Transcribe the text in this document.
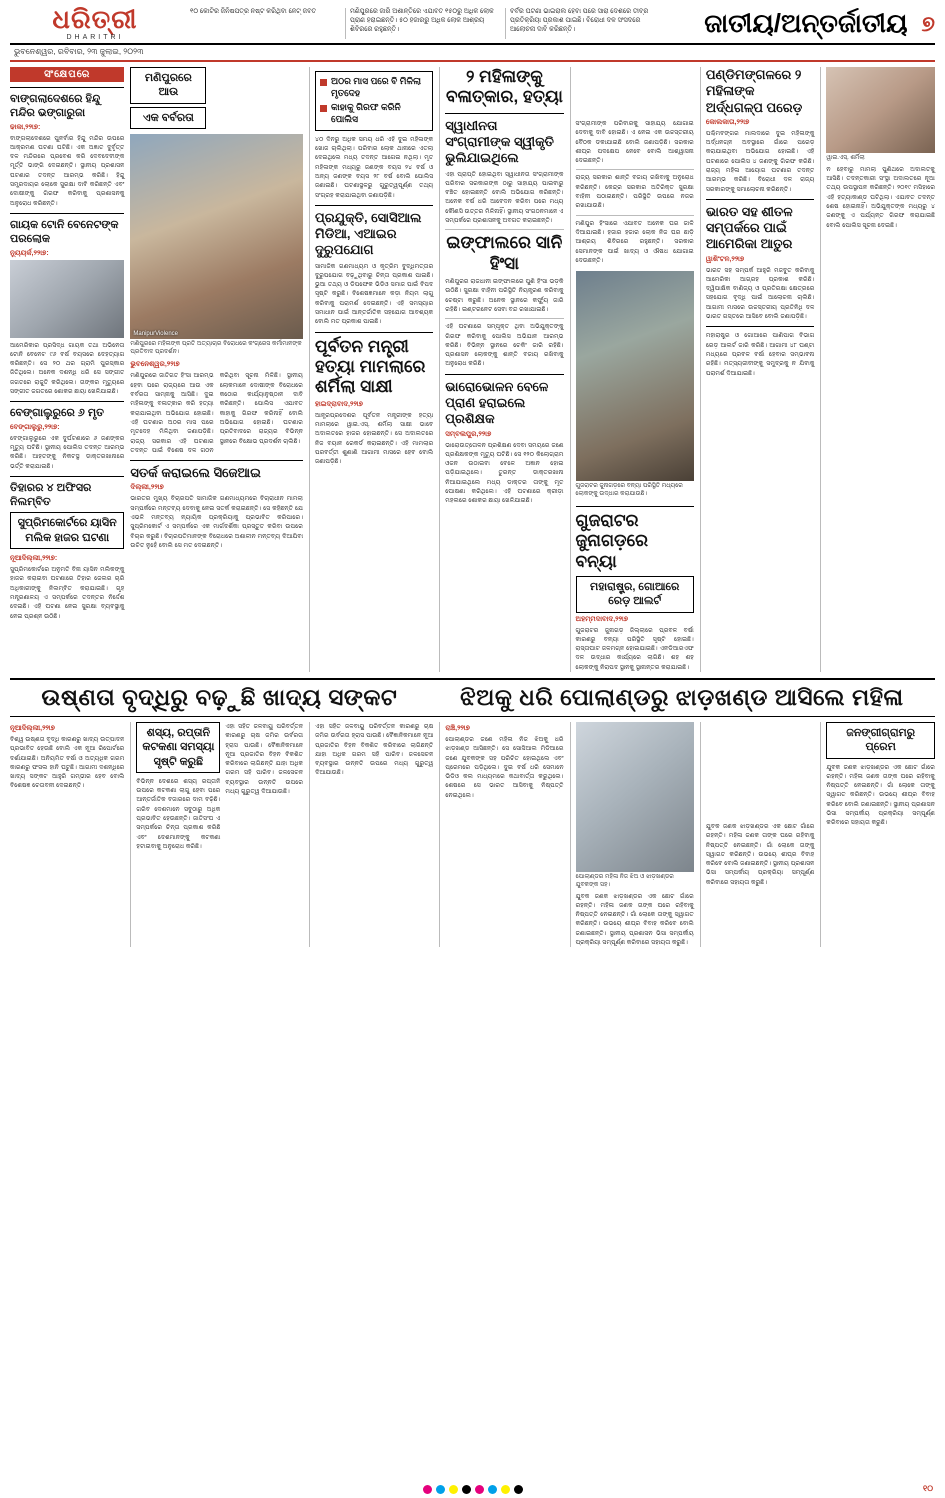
ଧରିତ୍ରୀ
DHARITRI
୧୦ କୋଟିର ଜିନିଷପତ୍ର ନଷ୍ଟ କରିଥିବା ନେଟ୍ ଜବତ	ମଣିପୁରରେ ଜାରି ଅଶାନ୍ତିରେ ଏଯାବତ ୧୫୦ରୁ ଅଧିକ ଲୋକ ପ୍ରାଣ ହରାଇଛନ୍ତି। ୫୦ ହଜାରରୁ ଅଧିକ ଲୋକ ଆଶ୍ରୟ ଶିବିରରେ ରହୁଛନ୍ତି।
ବର୍ବର ଘଟଣା ଭାଇରାଲ ହେବା ପରେ ସାରା ଦେଶରେ ତୀବ୍ର ପ୍ରତିକ୍ରିୟା ପ୍ରକାଶ ପାଇଛି। ବିରୋଧୀ ଦଳ ସଂସଦରେ ଆଲୋଚନା ଦାବି କରିଛନ୍ତି।	ଜାତୀୟ/ଅନ୍ତର୍ଜାତୀୟ ୭
ଭୁବନେଶ୍ୱର, ରବିବାର, ୨୩ ଜୁଲାଇ, ୨୦୨୩
ସଂକ୍ଷେପରେ
ବାଙ୍ଗଲାଦେଶରେ ହିନ୍ଦୁ ମନ୍ଦିର ଭଙ୍ଗାରୁଜା
ଢାକା,୨୨ା୭:
ବାଙ୍ଗଲାଦେଶରେ ପୁନର୍ବାର ହିନ୍ଦୁ ମନ୍ଦିର ଉପରେ ଆକ୍ରମଣ ଘଟଣା ଘଟିଛି। ଏକ ଅଜ୍ଞାତ ଦୁର୍ବୃତ୍ତ ଦଳ ମନ୍ଦିରରେ ପ୍ରବେଶ କରି ଦେବଦେବୀଙ୍କ ମୂର୍ତ୍ତି ଭାଙ୍ଗି ଦେଇଛନ୍ତି। ସ୍ଥାନୀୟ ପ୍ରଶାସନ ଘଟଣାର ତଦନ୍ତ ଆରମ୍ଭ କରିଛି। ହିନ୍ଦୁ ସମ୍ପ୍ରଦାୟର ଲୋକେ ସୁରକ୍ଷା ଦାବି କରିଛନ୍ତି ଏବଂ ଦୋଷୀଙ୍କୁ ଗିରଫ କରିବାକୁ ପ୍ରଶାସନକୁ ଅନୁରୋଧ କରିଛନ୍ତି।
ଗାୟକ ଟୋନି ବେନେଟଙ୍କ ପରଲୋକ
ନ୍ୟୁୟର୍କ,୨୨ା୭:
ଆମେରିକାର ପ୍ରସିଦ୍ଧ ଗାୟକ ତଥା ଅଭିନେତା ଟୋନି ବେନେଟ ୯୬ ବର୍ଷ ବୟସରେ ଦେହତ୍ୟାଗ କରିଛନ୍ତି। ସେ ୨୦ ଥର ଗ୍ରାମି ପୁରସ୍କାର ଜିତିଥିଲେ। ଅନେକ ଦଶନ୍ଧି ଧରି ସେ ସଙ୍ଗୀତ ଜଗତରେ ରାଜୁତି କରିଥିଲେ। ତାଙ୍କର ମୃତ୍ୟୁରେ ସଙ୍ଗୀତ ଜଗତରେ ଶୋକର ଛାୟା ଖେଳିଯାଇଛି।
ବେଙ୍ଗାଲୁରୁରେ ୬ ମୃତ
ବେଙ୍ଗାଲୁରୁ,୨୨ା୭:
ବେଙ୍ଗାଲୁରୁରେ ଏକ ଦୁର୍ଘଟଣାରେ ୬ ଜଣଙ୍କର ମୃତ୍ୟୁ ଘଟିଛି। ସ୍ଥାନୀୟ ପୋଲିସ ତଦନ୍ତ ଆରମ୍ଭ କରିଛି। ଆହତଙ୍କୁ ନିକଟସ୍ଥ ଡାକ୍ତରଖାନାରେ ଭର୍ତ୍ତି କରାଯାଇଛି।
ତିହାରର ୪ ଅଫିସର ନିଲମ୍ବିତ
ସୁପ୍ରିମକୋର୍ଟରେ ୟାସିନ ମଲିକ ହାଜର ଘଟଣା
ନୂଆଦିଲ୍ଲୀ,୨୨ା୭:
ସୁପ୍ରିମକୋର୍ଟରେ ଅନୁମତି ବିନା ୟାସିନ ମଲିକଙ୍କୁ ହାଜର କରାଇବା ଘଟଣାରେ ତିହାର ଜେଲର ଚାରି ଅଧିକାରୀଙ୍କୁ ନିଲମ୍ବିତ କରାଯାଇଛି। ଗୃହ ମନ୍ତ୍ରଣାଳୟ ଏ ସମ୍ପର୍କରେ ତଦନ୍ତର ନିର୍ଦ୍ଦେଶ ଦେଇଛି। ଏହି ଘଟଣା ନେଇ ସୁରକ୍ଷା ବ୍ୟବସ୍ଥାକୁ ନେଇ ପ୍ରଶ୍ନ ଉଠିଛି।
ମଣିପୁରରେ ଆଉ
ଏକ ବର୍ବରତା
ManipurViolence
ମଣିପୁରରେ ମହିଳାଙ୍କ ପ୍ରତି ଅତ୍ୟାଚାର ବିରୋଧରେ କଂଗ୍ରେସ କର୍ମୀମାନଙ୍କ ପ୍ରତିବାଦ ପ୍ରଦର୍ଶନ।
ଭୁବନେଶ୍ୱର,୨୨ା୭
ମଣିପୁରରେ ଜାତିଗତ ହିଂସା ଆରମ୍ଭ ହେବା ପରେ ରାଜ୍ୟରେ ଆଉ ଏକ ବର୍ବରତା ସାମ୍ନାକୁ ଆସିଛି। ଦୁଇ ମହିଳାଙ୍କୁ ବଳାତ୍କାର କରି ହତ୍ୟା କରାଯାଇଥିବା ଅଭିଯୋଗ ହୋଇଛି। ଏହି ଘଟଣାର ଅଠର ମାସ ପରେ ମୃତଦେହ ମିଳିଥିବା ଜଣାପଡ଼ିଛି। ରାଜ୍ୟ ସରକାର ଏହି ଘଟଣାର ତଦନ୍ତ ପାଇଁ ବିଶେଷ ଦଳ ଗଠନ କରିଥିବା ସୂଚନା ମିଳିଛି। ସ୍ଥାନୀୟ ଲୋକମାନେ ଦୋଷୀଙ୍କ ବିରୋଧରେ କଠୋର କାର୍ଯ୍ୟାନୁଷ୍ଠାନ ଦାବି କରିଛନ୍ତି। ପୋଲିସ ଏଯାବତ କାହାକୁ ଗିରଫ କରିନାହିଁ ବୋଲି ଅଭିଯୋଗ ହୋଇଛି। ଘଟଣାର ପ୍ରତିବାଦରେ ରାଜ୍ୟର ବିଭିନ୍ନ ସ୍ଥାନରେ ବିକ୍ଷୋଭ ପ୍ରଦର୍ଶନ ଚାଲିଛି।
ସତର୍କ କରାଇଲେ ସିଜେଆଇ
ଦିଲ୍ଲୀ,୨୨ା୭
ଭାରତର ମୁଖ୍ୟ ବିଚାରପତି ସାମାଜିକ ଗଣମାଧ୍ୟମରେ ବିଚାରାଧୀନ ମାମଲା ସମ୍ପର୍କରେ ମନ୍ତବ୍ୟ ଦେବାକୁ ନେଇ ସତର୍କ କରାଇଛନ୍ତି। ସେ କହିଛନ୍ତି ଯେ ଏଭଳି ମନ୍ତବ୍ୟ ନ୍ୟାୟିକ ପ୍ରକ୍ରିୟାକୁ ପ୍ରଭାବିତ କରିପାରେ। ସୁପ୍ରିମକୋର୍ଟ ଏ ସମ୍ପର୍କରେ ଏକ ମାର୍ଗଦର୍ଶିକା ପ୍ରସ୍ତୁତ କରିବା ଉପରେ ବିଚାର କରୁଛି। ବିଚାରପତିମାନଙ୍କ ବିରୋଧରେ ଅଶାଳୀନ ମନ୍ତବ୍ୟ ଦିଆଯିବା ଉଚିତ ନୁହେଁ ବୋଲି ସେ ମତ ଦେଇଛନ୍ତି।
ଅଠର ମାସ ପରେ ବି ମିଳିଲା ମୃତଦେହ
କାହାକୁ ଗିରଫ କରିନି ପୋଲିସ
୪୦ ଦିନରୁ ଅଧିକ ସମୟ ଧରି ଏହି ଦୁଇ ମହିଳାଙ୍କ ଖୋଜ ଚାଲିଥିଲା। ପରିବାର ଲୋକ ଥାନାରେ ଏତଲା ଦେଇଥିଲେ ମଧ୍ୟ ତଦନ୍ତ ଆଗେଇ ନଥିଲା। ମୃତ ମହିଳାଙ୍କ ମଧ୍ୟରୁ ଜଣଙ୍କ ବୟସ ୨୪ ବର୍ଷ ଓ ଅନ୍ୟ ଜଣଙ୍କ ବୟସ ୨୮ ବର୍ଷ ବୋଲି ପୋଲିସ ଜଣାଇଛି। ଘଟଣାସ୍ଥଳରୁ ଗୁରୁତ୍ୱପୂର୍ଣ୍ଣ ତଥ୍ୟ ସଂଗ୍ରହ କରାଯାଇଥିବା ଜଣାପଡ଼ିଛି।
ପ୍ରଯୁକ୍ତି, ସୋସିଆଲ ମିଡିଆ, ଏଆଇର ଦୁରୁପଯୋଗ
ସାମାଜିକ ଗଣମାଧ୍ୟମ ଓ କୃତ୍ରିମ ବୁଦ୍ଧିମତ୍ତାର ଦୁରୁପଯୋଗ ବଢ଼ୁଥିବାରୁ ଚିନ୍ତା ପ୍ରକାଶ ପାଇଛି। ଭୁଆ ତଥ୍ୟ ଓ ଡିପଫେକ ଭିଡିଓ ସମାଜ ପାଇଁ ବିପଦ ସୃଷ୍ଟି କରୁଛି। ବିଶେଷଜ୍ଞମାନେ କଡ଼ା ନିୟମ ଲାଗୁ କରିବାକୁ ପରାମର୍ଶ ଦେଇଛନ୍ତି। ଏହି ସମସ୍ୟାର ସମାଧାନ ପାଇଁ ଆନ୍ତର୍ଜାତିକ ସହଯୋଗ ଆବଶ୍ୟକ ବୋଲି ମତ ପ୍ରକାଶ ପାଇଛି।
ପୂର୍ବତନ ମନ୍ତ୍ରୀ ହତ୍ୟା ମାମଲାରେ ଶର୍ମିଲା ସାକ୍ଷୀ
ହାଇଦ୍ରାବାଦ,୨୨ା୭
ଆନ୍ଧ୍ରପ୍ରଦେଶର ପୂର୍ବତନ ମନ୍ତ୍ରୀଙ୍କ ହତ୍ୟା ମାମଲାରେ ୱାଇ.ଏସ୍. ଶର୍ମିଲା ସାକ୍ଷୀ ଭାବେ ଅଦାଲତରେ ହାଜର ହୋଇଛନ୍ତି। ସେ ଅଦାଲତରେ ନିଜ ବୟାନ ରେକର୍ଡ କରାଇଛନ୍ତି। ଏହି ମାମଲାର ପରବର୍ତ୍ତୀ ଶୁଣାଣି ଆଗାମୀ ମାସରେ ହେବ ବୋଲି ଜଣାପଡ଼ିଛି।
୨ ମହିଳାଙ୍କୁ ବଳାତ୍କାର, ହତ୍ୟା
ସ୍ୱାଧୀନତା ସଂଗ୍ରାମୀଙ୍କ ସ୍ୱୀକୃତି ଭୁଲିଯାଇଥିଲେ
ଏହା ପ୍ରାପ୍ତି ହୋଇଥିବା ସ୍ୱାଧୀନତା ସଂଗ୍ରାମୀଙ୍କ ପରିବାର ସରକାରଙ୍କ ଠାରୁ ସାହାଯ୍ୟ ପାଇବାରୁ ବଞ୍ଚିତ ହୋଇଛନ୍ତି ବୋଲି ଅଭିଯୋଗ କରିଛନ୍ତି। ଅନେକ ବର୍ଷ ଧରି ଆବେଦନ କରିବା ପରେ ମଧ୍ୟ କୌଣସି ଉତ୍ତର ମିଳିନାହିଁ। ସ୍ଥାନୀୟ ସଂଗଠନମାନେ ଏ ସମ୍ପର୍କରେ ପ୍ରଶାସନକୁ ଅବଗତ କରାଇଛନ୍ତି।
ଇଙ୍ଫାଲରେ ସାନି ହିଂସା
ମଣିପୁରର ରାଜଧାନୀ ଇଙ୍ଫାଲରେ ପୁଣି ହିଂସା ଭଡ଼କି ଉଠିଛି। ସୁରକ୍ଷା ବାହିନୀ ପରିସ୍ଥିତି ନିୟନ୍ତ୍ରଣ କରିବାକୁ ଚେଷ୍ଟା କରୁଛି। ଅନେକ ସ୍ଥାନରେ କର୍ଫ୍ୟୁ ଜାରି ରହିଛି। ଇଣ୍ଟରନେଟ ସେବା ବନ୍ଦ ରଖାଯାଇଛି।
ଏହି ଘଟଣାରେ ସମ୍ପୃକ୍ତ ଥିବା ଅଭିଯୁକ୍ତଙ୍କୁ ଗିରଫ କରିବାକୁ ପୋଲିସ ଅଭିଯାନ ଆରମ୍ଭ କରିଛି। ବିଭିନ୍ନ ସ୍ଥାନରେ ଚେକିଂ ଜାରି ରହିଛି। ପ୍ରଶାସନ ଲୋକଙ୍କୁ ଶାନ୍ତି ବଜାୟ ରଖିବାକୁ ଅନୁରୋଧ କରିଛି।
ଭାରୋଭୋଳନ ବେଳେ ପ୍ରାଣ ହରାଇଲେ ପ୍ରଶିକ୍ଷକ
ସମ୍ବଲପୁର,୨୨ା୭
ଭାରୋଉତ୍ତୋଳନ ପ୍ରଶିକ୍ଷଣ ଦେବା ସମୟରେ ଜଣେ ପ୍ରଶିକ୍ଷକଙ୍କ ମୃତ୍ୟୁ ଘଟିଛି। ସେ ୧୨୦ କିଲୋଗ୍ରାମ ଓଜନ ଉଠାଇବା ବେଳେ ଅଜ୍ଞାନ ହୋଇ ପଡ଼ିଯାଇଥିଲେ। ତୁରନ୍ତ ଡାକ୍ତରଖାନା ନିଆଯାଇଥିଲେ ମଧ୍ୟ ଡାକ୍ତର ତାଙ୍କୁ ମୃତ ଘୋଷଣା କରିଥିଲେ। ଏହି ଘଟଣାରେ କ୍ରୀଡ଼ା ମହଲରେ ଶୋକର ଛାୟା ଖେଳିଯାଇଛି।
ସଂଗ୍ରାମୀଙ୍କ ପରିବାରକୁ ସାହାଯ୍ୟ ଯୋଗାଇ ଦେବାକୁ ଦାବି ହୋଇଛି। ଏ ନେଇ ଏକ ଉଚ୍ଚସ୍ତରୀୟ ବୈଠକ ଡକାଯାଇଛି ବୋଲି ଜଣାପଡ଼ିଛି। ସରକାର ଶୀଘ୍ର ପଦକ୍ଷେପ ନେବେ ବୋଲି ଆଶ୍ୱାସନା ଦେଇଛନ୍ତି।
ରାଜ୍ୟ ସରକାର ଶାନ୍ତି ବଜାୟ ରଖିବାକୁ ଅନୁରୋଧ କରିଛନ୍ତି। କେନ୍ଦ୍ର ସରକାର ଅତିରିକ୍ତ ସୁରକ୍ଷା ବାହିନୀ ପଠାଇଛନ୍ତି। ପରିସ୍ଥିତି ଉପରେ ନଜର ରଖାଯାଉଛି।
ମଣିପୁର ହିଂସାରେ ଏଯାବତ ଅନେକ ଘର ଜାଳି ଦିଆଯାଇଛି। ହଜାର ହଜାର ଲୋକ ନିଜ ଘର ଛାଡ଼ି ଆଶ୍ରୟ ଶିବିରରେ ରହୁଛନ୍ତି। ସରକାର ସେମାନଙ୍କ ପାଇଁ ଖାଦ୍ୟ ଓ ଔଷଧ ଯୋଗାଇ ଦେଉଛନ୍ତି।
ଗୁଜରାଟର ଜୁନାଗଡ଼ରେ ବନ୍ୟା ପରିସ୍ଥିତି ମଧ୍ୟରେ ଲୋକଙ୍କୁ ଉଦ୍ଧାର କରାଯାଉଛି।
ଗୁଜରାଟର ଜୁନାଗଡ଼ରେ ବନ୍ୟା
ମହାରାଷ୍ଟ୍ର, ଗୋଆରେ ରେଡ଼ ଆଲର୍ଟ
ଅହମ୍ମଦାବାଦ,୨୨ା୭
ଗୁଜରାଟର ଜୁନାଗଡ଼ ଜିଲ୍ଲାରେ ପ୍ରବଳ ବର୍ଷା କାରଣରୁ ବନ୍ୟା ପରିସ୍ଥିତି ସୃଷ୍ଟି ହୋଇଛି। ରାସ୍ତାଘାଟ ଜଳମଗ୍ନ ହୋଇଯାଇଛି। ଏନଡିଆରଏଫ ଦଳ ଉଦ୍ଧାର କାର୍ଯ୍ୟରେ ଲାଗିଛି। ଶହ ଶହ ଲୋକଙ୍କୁ ନିରାପଦ ସ୍ଥାନକୁ ସ୍ଥାନାନ୍ତର କରାଯାଇଛି।
ପଣ୍ଡିମଙ୍ଗଳରେ ୨ ମହିଳାଙ୍କ ଅର୍ଦ୍ଧଗଳ୍ପ ପରେଡ଼
କୋଲକାତା,୨୨ା୭
ପଶ୍ଚିମବଙ୍ଗର ମାଲଦାରେ ଦୁଇ ମହିଳାଙ୍କୁ ଅର୍ଦ୍ଧନଗ୍ନ ଅବସ୍ଥାରେ ଗାଁରେ ପରେଡ଼ କରାଯାଇଥିବା ଅଭିଯୋଗ ହୋଇଛି। ଏହି ଘଟଣାରେ ପୋଲିସ ୪ ଜଣଙ୍କୁ ଗିରଫ କରିଛି। ରାଜ୍ୟ ମହିଳା ଆୟୋଗ ଘଟଣାର ତଦନ୍ତ ଆରମ୍ଭ କରିଛି। ବିରୋଧୀ ଦଳ ରାଜ୍ୟ ସରକାରଙ୍କୁ ସମାଲୋଚନା କରିଛନ୍ତି।
ଭାରତ ସହ ଶୀତଳ ସମ୍ପର୍କରେ ପାଇଁ ଆମେରିକା ଆତୁର
ୱାଶିଂଟନ,୨୨ା୭
ଭାରତ ସହ ସମ୍ପର୍କ ଆହୁରି ମଜବୁତ କରିବାକୁ ଆମେରିକା ଆଗ୍ରହ ପ୍ରକାଶ କରିଛି। ଦ୍ୱିପାକ୍ଷିକ ବାଣିଜ୍ୟ ଓ ପ୍ରତିରକ୍ଷା କ୍ଷେତ୍ରରେ ସହଯୋଗ ବୃଦ୍ଧି ପାଇଁ ଆଲୋଚନା ଚାଲିଛି। ଆଗାମୀ ମାସରେ ଉଚ୍ଚସ୍ତରୀୟ ପ୍ରତିନିଧି ଦଳ ଭାରତ ଗସ୍ତରେ ଆସିବେ ବୋଲି ଜଣାପଡ଼ିଛି।
ମହାରାଷ୍ଟ୍ର ଓ ଗୋଆରେ ପାଣିପାଗ ବିଭାଗ ରେଡ଼ ଆଲର୍ଟ ଜାରି କରିଛି। ଆଗାମୀ ୪୮ ଘଣ୍ଟା ମଧ୍ୟରେ ପ୍ରବଳ ବର୍ଷା ହେବାର ସମ୍ଭାବନା ରହିଛି। ମତ୍ସ୍ୟଜୀବୀଙ୍କୁ ସମୁଦ୍ରକୁ ନ ଯିବାକୁ ପରାମର୍ଶ ଦିଆଯାଇଛି।
ୱାଇ.ଏସ୍. ଶର୍ମିଲା
ନ ହେବାରୁ ମାମଲା ପୁଣିଥରେ ଅଦାଲତକୁ ଆସିଛି। ତଦନ୍ତକାରୀ ସଂସ୍ଥା ଅଦାଲତରେ ନୂଆ ତଥ୍ୟ ଉପସ୍ଥାପନ କରିଛନ୍ତି। ୨୦୧୯ ମସିହାରେ ଏହି ହତ୍ୟାକାଣ୍ଡ ଘଟିଥିଲା। ଏଯାବତ ତଦନ୍ତ ଶେଷ ହୋଇନାହିଁ। ଅଭିଯୁକ୍ତଙ୍କ ମଧ୍ୟରୁ ୪ ଜଣଙ୍କୁ ଏ ପର୍ଯ୍ୟନ୍ତ ଗିରଫ କରାଯାଇଛି ବୋଲି ପୋଲିସ ସୂଚନା ଦେଇଛି।
ଉଷ୍ଣତା ବୃଦ୍ଧିରୁ ବଢ଼ୁଛି ଖାଦ୍ୟ ସଙ୍କଟ	ଝିଅକୁ ଧରି ପୋଲାଣ୍ଡରୁ ଝାଡ଼ଖଣ୍ଡ ଆସିଲେ ମହିଳା
ନୂଆଦିଲ୍ଲୀ,୨୨ା୭
ବିଶ୍ୱ ଉଷ୍ଣତା ବୃଦ୍ଧି କାରଣରୁ ଖାଦ୍ୟ ଉତ୍ପାଦନ ପ୍ରଭାବିତ ହେଉଛି ବୋଲି ଏକ ନୂଆ ରିପୋର୍ଟରେ ଦର୍ଶାଯାଇଛି। ଅନିୟମିତ ବର୍ଷା ଓ ଅତ୍ୟଧିକ ଗରମ କାରଣରୁ ଫସଲ ହାନି ଘଟୁଛି। ଆଗାମୀ ଦଶନ୍ଧିରେ ଖାଦ୍ୟ ସଙ୍କଟ ଆହୁରି ଗମ୍ଭୀର ହେବ ବୋଲି ବିଶେଷଜ୍ଞ ଚେତାବନୀ ଦେଇଛନ୍ତି।
ଶସ୍ୟ, ରପ୍ତାନି କଟକଣା ସମସ୍ୟା ସୃଷ୍ଟି କରୁଛି
ବିଭିନ୍ନ ଦେଶରେ ଶସ୍ୟ ରପ୍ତାନି ଉପରେ କଟକଣା ଲାଗୁ ହେବା ପରେ ଆନ୍ତର୍ଜାତିକ ବଜାରରେ ଦାମ ବଢ଼ିଛି। ଗରିବ ଦେଶମାନେ ସବୁଠାରୁ ଅଧିକ ପ୍ରଭାବିତ ହେଉଛନ୍ତି। ଜାତିସଂଘ ଏ ସମ୍ପର୍କରେ ଚିନ୍ତା ପ୍ରକାଶ କରିଛି ଏବଂ ଦେଶମାନଙ୍କୁ କଟକଣା ହଟାଇବାକୁ ଅନୁରୋଧ କରିଛି।
ଏହା ସହିତ ଜଳବାୟୁ ପରିବର୍ତ୍ତନ କାରଣରୁ ଚାଷ ଜମିର ଉର୍ବରତା ହ୍ରାସ ପାଉଛି। ବୈଜ୍ଞାନିକମାନେ ନୂଆ ପ୍ରଜାତିର ବିହନ ବିକଶିତ କରିବାରେ ଲାଗିଛନ୍ତି ଯାହା ଅଧିକ ଗରମ ସହି ପାରିବ। ଜଳସେଚନ ବ୍ୟବସ୍ଥାର ଉନ୍ନତି ଉପରେ ମଧ୍ୟ ଗୁରୁତ୍ୱ ଦିଆଯାଉଛି।
ଏହା ସହିତ ଜଳବାୟୁ ପରିବର୍ତ୍ତନ କାରଣରୁ ଚାଷ ଜମିର ଉର୍ବରତା ହ୍ରାସ ପାଉଛି। ବୈଜ୍ଞାନିକମାନେ ନୂଆ ପ୍ରଜାତିର ବିହନ ବିକଶିତ କରିବାରେ ଲାଗିଛନ୍ତି ଯାହା ଅଧିକ ଗରମ ସହି ପାରିବ। ଜଳସେଚନ ବ୍ୟବସ୍ଥାର ଉନ୍ନତି ଉପରେ ମଧ୍ୟ ଗୁରୁତ୍ୱ ଦିଆଯାଉଛି।
ରାଞ୍ଚି,୨୨ା୭
ପୋଲାଣ୍ଡର ଜଣେ ମହିଳା ନିଜ ଝିଅକୁ ଧରି ଝାଡ଼ଖଣ୍ଡ ଆସିଛନ୍ତି। ସେ ସୋସିଆଲ ମିଡିଆରେ ଜଣେ ଯୁବକଙ୍କ ସହ ପରିଚିତ ହୋଇଥିଲେ ଏବଂ ପ୍ରେମରେ ପଡ଼ିଥିଲେ। ଦୁଇ ବର୍ଷ ଧରି ସେମାନେ ଭିଡିଓ କଲ ମାଧ୍ୟମରେ କଥାବାର୍ତ୍ତା କରୁଥିଲେ। ଶେଷରେ ସେ ଭାରତ ଆସିବାକୁ ନିଷ୍ପତ୍ତି ନେଇଥିଲେ।
ପୋଲାଣ୍ଡର ମହିଳା ନିଜ ଝିଅ ଓ ଝାଡ଼ଖଣ୍ଡର ଯୁବକଙ୍କ ସହ।
ଯୁବକ ଜଣକ ଝାଡ଼ଖଣ୍ଡର ଏକ ଛୋଟ ଗାଁରେ ରହନ୍ତି। ମହିଳା ଜଣକ ତାଙ୍କ ଘରେ ରହିବାକୁ ନିଷ୍ପତ୍ତି ନେଇଛନ୍ତି। ଗାଁ ଲୋକେ ତାଙ୍କୁ ସ୍ୱାଗତ କରିଛନ୍ତି। ଉଭୟେ ଶୀଘ୍ର ବିବାହ କରିବେ ବୋଲି ଜଣାଇଛନ୍ତି। ସ୍ଥାନୀୟ ପ୍ରଶାସନ ଭିସା ସମ୍ପର୍କୀୟ ପ୍ରକ୍ରିୟା ସମ୍ପୂର୍ଣ୍ଣ କରିବାରେ ସହାୟତା କରୁଛି।
ଯୁବକ ଜଣକ ଝାଡ଼ଖଣ୍ଡର ଏକ ଛୋଟ ଗାଁରେ ରହନ୍ତି। ମହିଳା ଜଣକ ତାଙ୍କ ଘରେ ରହିବାକୁ ନିଷ୍ପତ୍ତି ନେଇଛନ୍ତି। ଗାଁ ଲୋକେ ତାଙ୍କୁ ସ୍ୱାଗତ କରିଛନ୍ତି। ଉଭୟେ ଶୀଘ୍ର ବିବାହ କରିବେ ବୋଲି ଜଣାଇଛନ୍ତି। ସ୍ଥାନୀୟ ପ୍ରଶାସନ ଭିସା ସମ୍ପର୍କୀୟ ପ୍ରକ୍ରିୟା ସମ୍ପୂର୍ଣ୍ଣ କରିବାରେ ସହାୟତା କରୁଛି।
ଜନଙ୍ଗୀଗ୍ରାମରୁ ପ୍ରେମ
ଯୁବକ ଜଣକ ଝାଡ଼ଖଣ୍ଡର ଏକ ଛୋଟ ଗାଁରେ ରହନ୍ତି। ମହିଳା ଜଣକ ତାଙ୍କ ଘରେ ରହିବାକୁ ନିଷ୍ପତ୍ତି ନେଇଛନ୍ତି। ଗାଁ ଲୋକେ ତାଙ୍କୁ ସ୍ୱାଗତ କରିଛନ୍ତି। ଉଭୟେ ଶୀଘ୍ର ବିବାହ କରିବେ ବୋଲି ଜଣାଇଛନ୍ତି। ସ୍ଥାନୀୟ ପ୍ରଶାସନ ଭିସା ସମ୍ପର୍କୀୟ ପ୍ରକ୍ରିୟା ସମ୍ପୂର୍ଣ୍ଣ କରିବାରେ ସହାୟତା କରୁଛି।
୧୦
